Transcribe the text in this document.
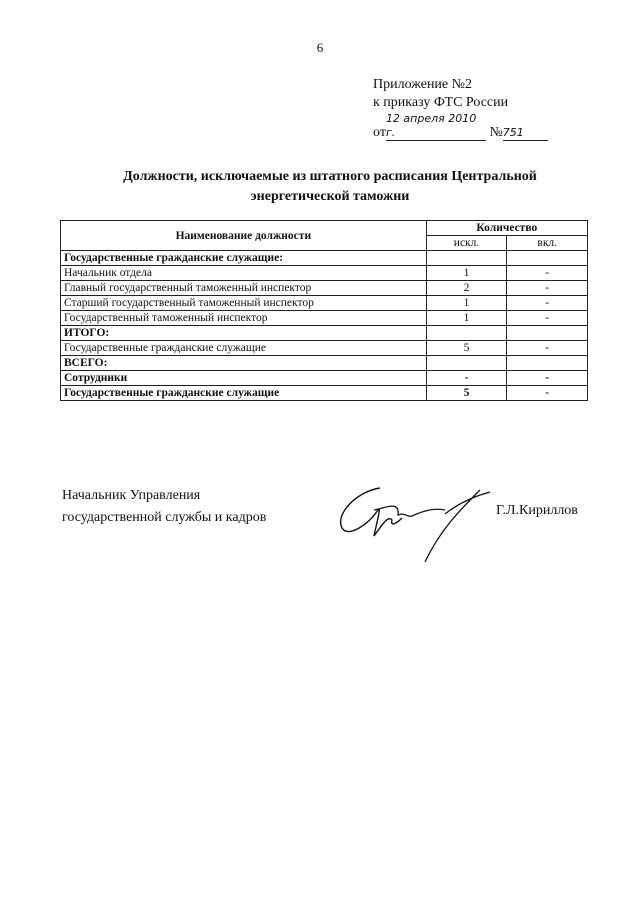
6
Приложение №2
к приказу ФТС России
от12 апреля 2010 г.	№751
Должности, исключаемые из штатного расписания Центральной
энергетической таможни
Наименование должности	Количество	
	искл.	вкл.
Государственные гражданские служащие:		
Начальник отдела	1	-
Главный государственный таможенный инспектор	2	-
Старший государственный таможенный инспектор	1	-
Государственный таможенный инспектор	1	-
ИТОГО:		
Государственные гражданские служащие	5	-
ВСЕГО:		
Сотрудники	-	-
Государственные гражданские служащие	5	-
Начальник Управления
государственной службы и кадров	Г.Л.Кириллов
